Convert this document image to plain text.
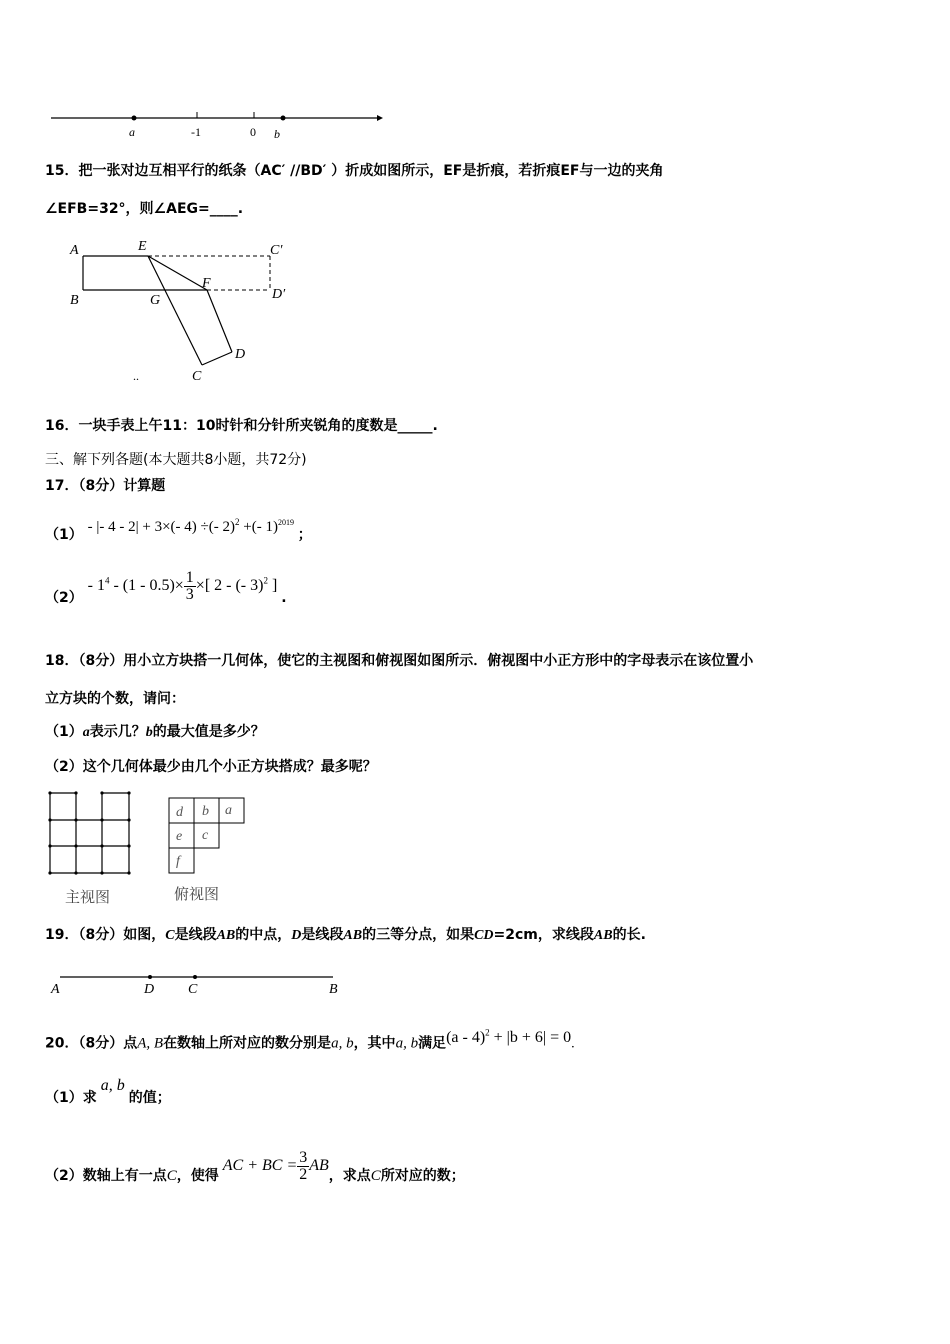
a	-1	0 b
15．把一张对边互相平行的纸条（AC′ //BD′ ）折成如图所示，EF是折痕，若折痕EF与一边的夹角
∠EFB=32°，则∠AEG=____.
A	E	C′
B	G
F
D′
D
C
..
16．一块手表上午11：10时针和分针所夹锐角的度数是_____.
三、解下列各题(本大题共8小题，共72分)
17．（8分）计算题
（1） - |- 4 - 2| + 3×(- 4) ÷(- 2)$^2$ +(- 1)$^{2019}$ ；
$(2) - 1^4 - (1 - 0.5)\times \frac{1}{3}$ ×[ 2 - (- 3)$^2$ ] .
18．（8分）用小立方块搭一几何体，使它的主视图和俯视图如图所示．俯视图中小正方形中的字母表示在该位置小
立方块的个数，请问：
（1）a表示几？b的最大值是多少？
（2）这个几何体最少由几个小正方块搭成？最多呢？
主视图
d b a
e c
f
俯视图
19．（8分）如图，C是线段AB的中点，D是线段AB的三等分点，如果CD=2cm，求线段AB的长.
A	D C	B
20．（8分）点A, B在数轴上所对应的数分别是a, b，其中a, b满足(a - 4)$^2$ + |b + 6| = 0.
（1）求a, b的值；
（2）数轴上有一点C，使得AC + BC = $\frac{3}{2}$ AB，求点C所对应的数；
